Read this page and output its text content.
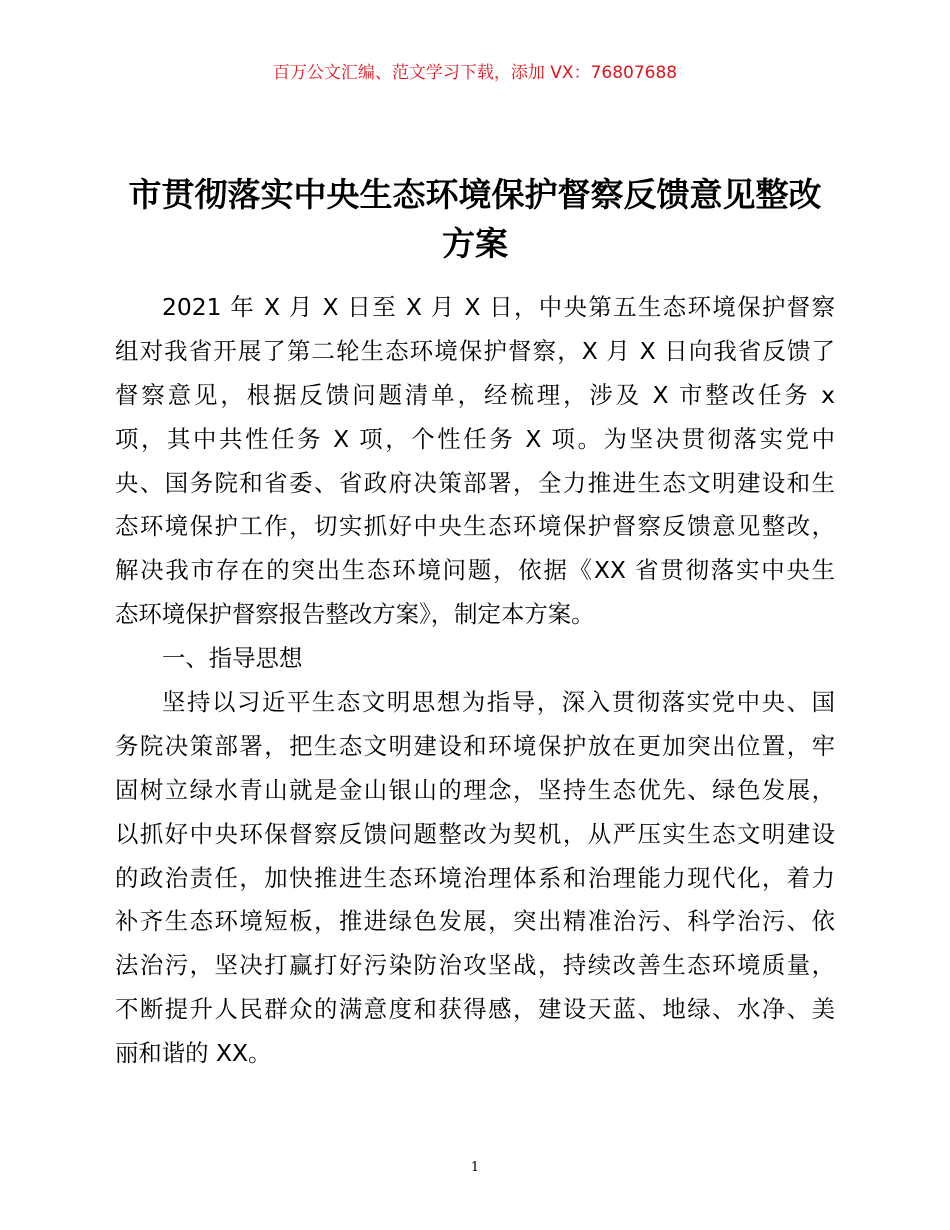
百万公文汇编、范文学习下载，添加 VX：76807688
市贯彻落实中央生态环境保护督察反馈意见整改
方案
2021 年 X 月 X 日至 X 月 X 日，中央第五生态环境保护督察
组对我省开展了第二轮生态环境保护督察，X 月 X 日向我省反馈了
督察意见，根据反馈问题清单，经梳理，涉及 X 市整改任务 x
项，其中共性任务 X 项，个性任务 X 项。为坚决贯彻落实党中
央、国务院和省委、省政府决策部署，全力推进生态文明建设和生
态环境保护工作，切实抓好中央生态环境保护督察反馈意见整改，
解决我市存在的突出生态环境问题，依据《XX 省贯彻落实中央生
态环境保护督察报告整改方案》，制定本方案。
一、指导思想
坚持以习近平生态文明思想为指导，深入贯彻落实党中央、国
务院决策部署，把生态文明建设和环境保护放在更加突出位置，牢
固树立绿水青山就是金山银山的理念，坚持生态优先、绿色发展，
以抓好中央环保督察反馈问题整改为契机，从严压实生态文明建设
的政治责任，加快推进生态环境治理体系和治理能力现代化，着力
补齐生态环境短板，推进绿色发展，突出精准治污、科学治污、依
法治污，坚决打赢打好污染防治攻坚战，持续改善生态环境质量，
不断提升人民群众的满意度和获得感，建设天蓝、地绿、水净、美
丽和谐的 XX。
1
